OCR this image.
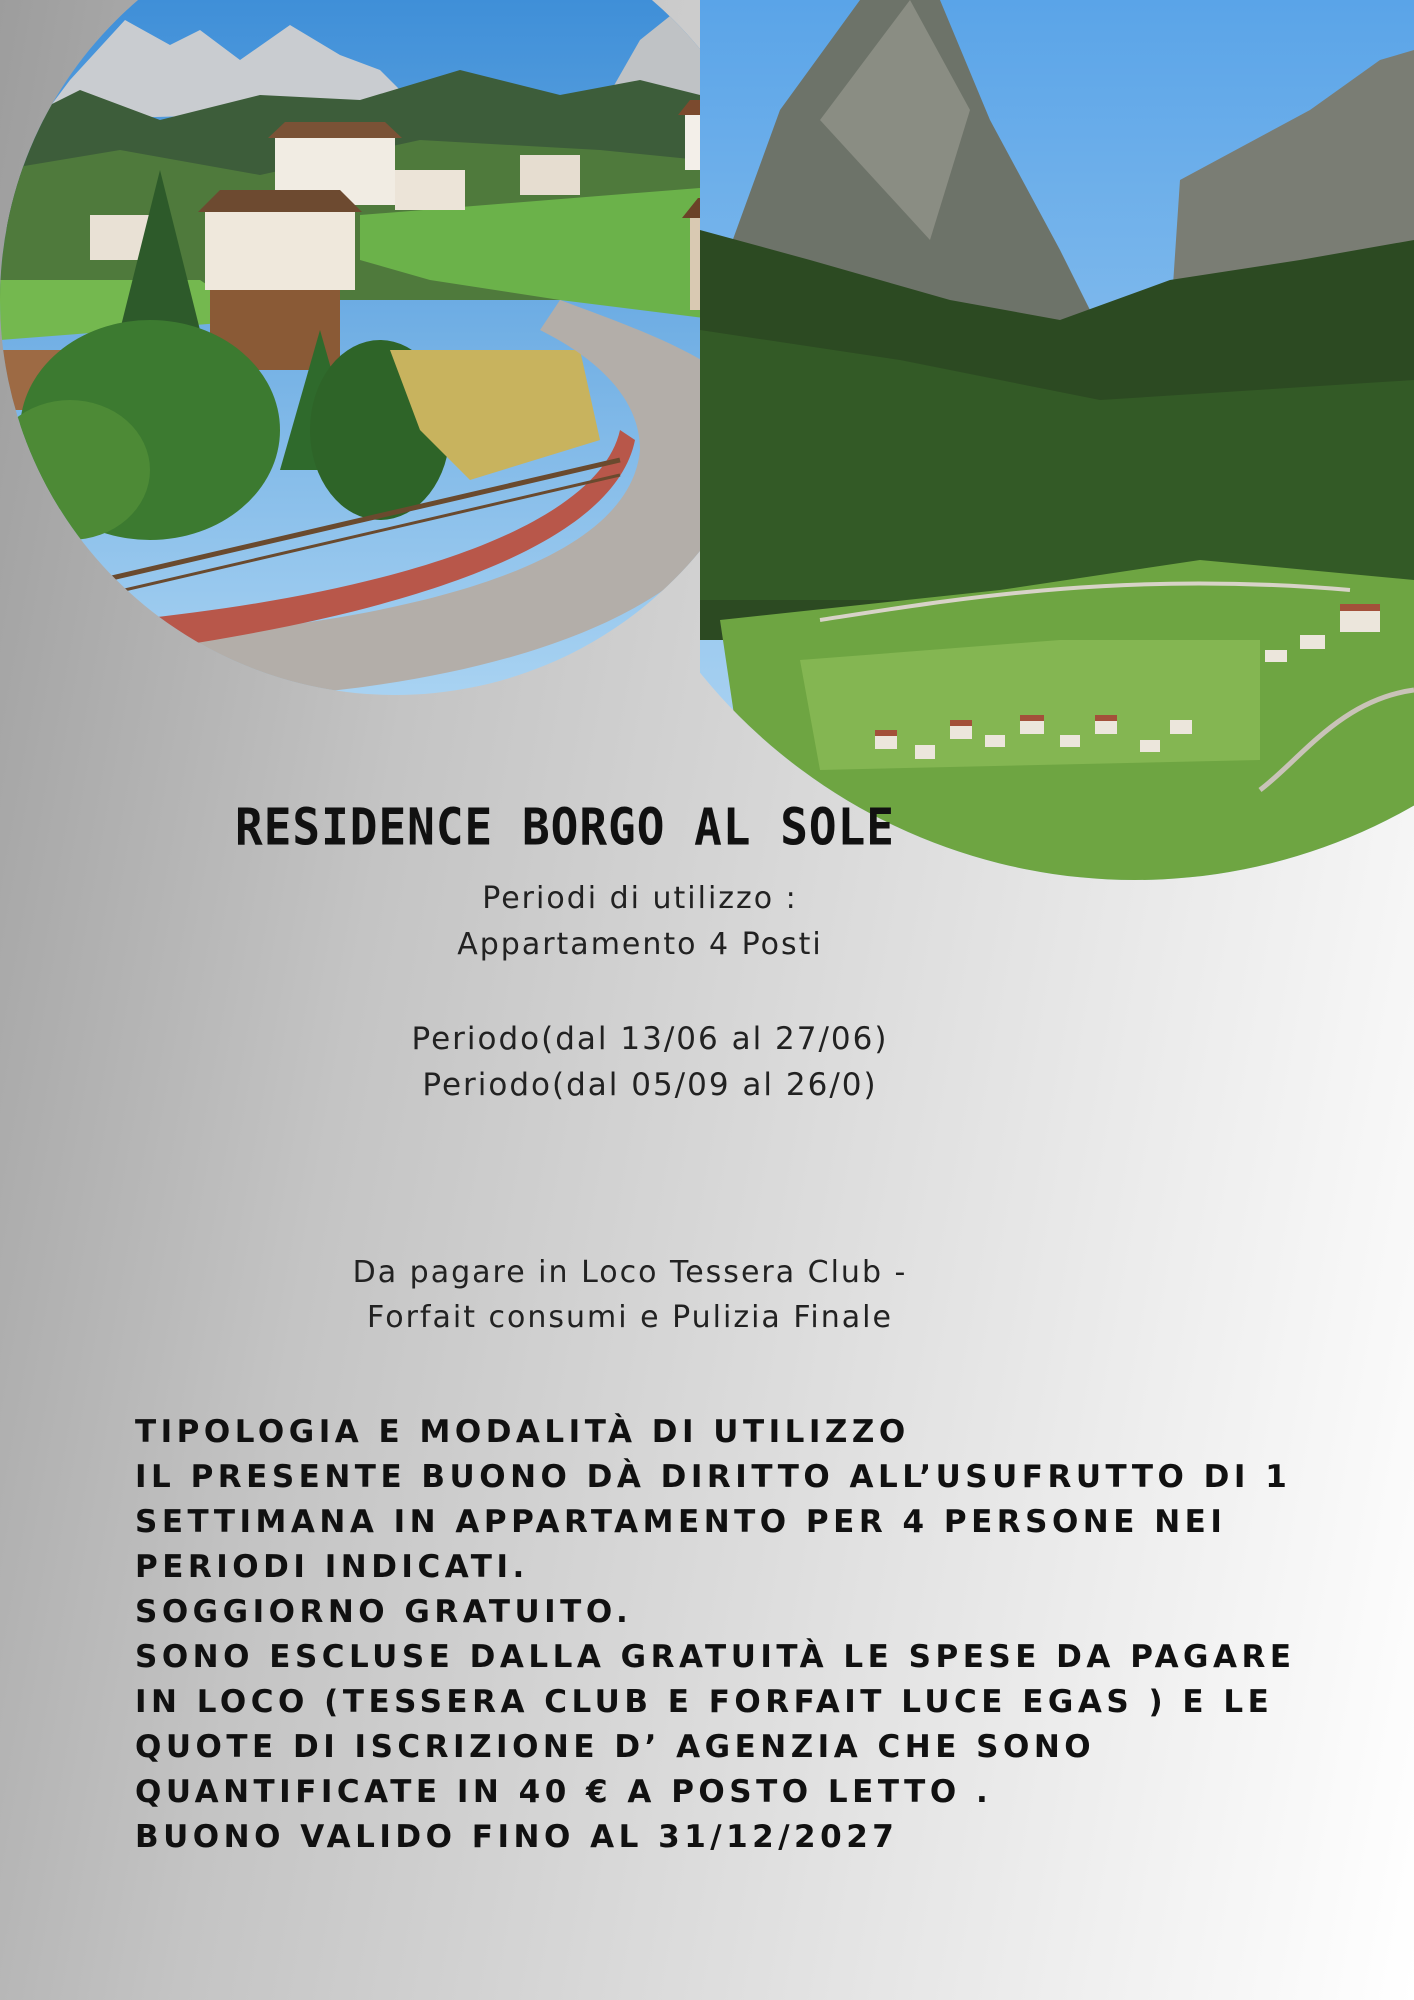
RESIDENCE BORGO AL SOLE
Periodi di utilizzo :
Appartamento 4 Posti
Periodo(dal 13/06 al 27/06)
Periodo(dal 05/09 al 26/0)
Da pagare in Loco Tessera Club -
Forfait consumi e Pulizia Finale
TIPOLOGIA E MODALITÀ DI UTILIZZO
IL PRESENTE BUONO DÀ DIRITTO ALL’USUFRUTTO DI 1
SETTIMANA IN APPARTAMENTO PER 4 PERSONE NEI
PERIODI INDICATI.
SOGGIORNO GRATUITO.
SONO ESCLUSE DALLA GRATUITÀ LE SPESE DA PAGARE
IN LOCO (TESSERA CLUB E FORFAIT LUCE EGAS ) E LE
QUOTE DI ISCRIZIONE D’ AGENZIA CHE SONO
QUANTIFICATE IN 40 € A POSTO LETTO .
BUONO VALIDO FINO AL 31/12/2027
